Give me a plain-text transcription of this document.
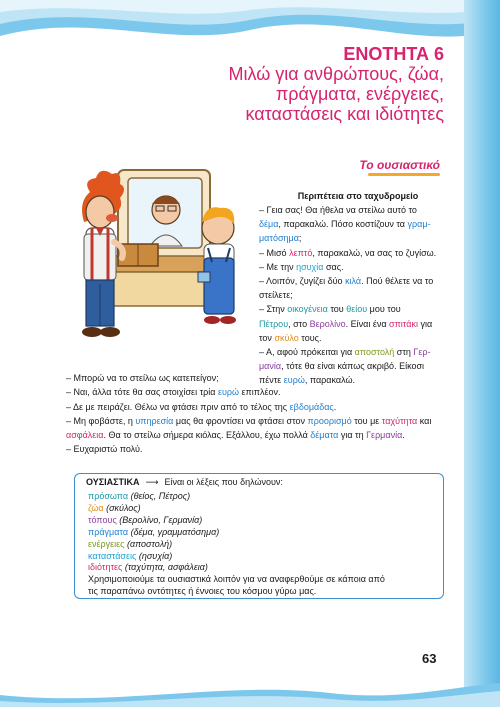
ΕΝΟΤΗΤΑ 6

Μιλώ για ανθρώπους, ζώα,

πράγματα, ενέργειες,

καταστάσεις και ιδιότητες

Το ουσιαστικό
Περιπέτεια στο ταχυδρομείο
– Γεια σας! Θα ήθελα να στείλω αυτό το
δέμα, παρακαλώ. Πόσο κοστίζουν τα γραμ-
ματόσημα;
– Μισό λεπτό, παρακαλώ, να σας το ζυγίσω.
– Με την ησυχία σας.
– Λοιπόν, ζυγίζει δύο κιλά. Πού θέλετε να το
στείλετε;
– Στην οικογένεια του θείου μου του
Πέτρου, στο Βερολίνο. Είναι ένα σπιτάκι για
τον σκύλο τους.
– Α, αφού πρόκειται για αποστολή στη Γερ-
μανία, τότε θα είναι κάπως ακριβό. Είκοσι
πέντε ευρώ, παρακαλώ.
– Μπορώ να το στείλω ως κατεπείγον;
– Ναι, άλλα τότε θα σας στοιχίσει τρία ευρώ επιπλέον.
– Δε με πειράζει. Θέλω να φτάσει πριν από το τέλος της εβδομάδας.
– Μη φοβάστε, η υπηρεσία μας θα φροντίσει να φτάσει στον προορισμό του με ταχύτητα και
ασφάλεια. Θα το στείλω σήμερα κιόλας. Εξάλλου, έχω πολλά δέματα για τη Γερμανία.
– Ευχαριστώ πολύ.
ΟΥΣΙΑΣΤΙΚΑ ⟶ Είναι οι λέξεις που δηλώνουν:
πρόσωπα (θείος, Πέτρος)
ζώα (σκύλος)
τόπους (Βερολίνο, Γερμανία)
πράγματα (δέμα, γραμματόσημα)
ενέργειες (αποστολή)
καταστάσεις (ησυχία)
ιδιότητες (ταχύτητα, ασφάλεια)
Χρησιμοποιούμε τα ουσιαστικά λοιπόν για να αναφερθούμε σε κάποια από
τις παραπάνω οντότητες ή έννοιες του κόσμου γύρω μας.
63
